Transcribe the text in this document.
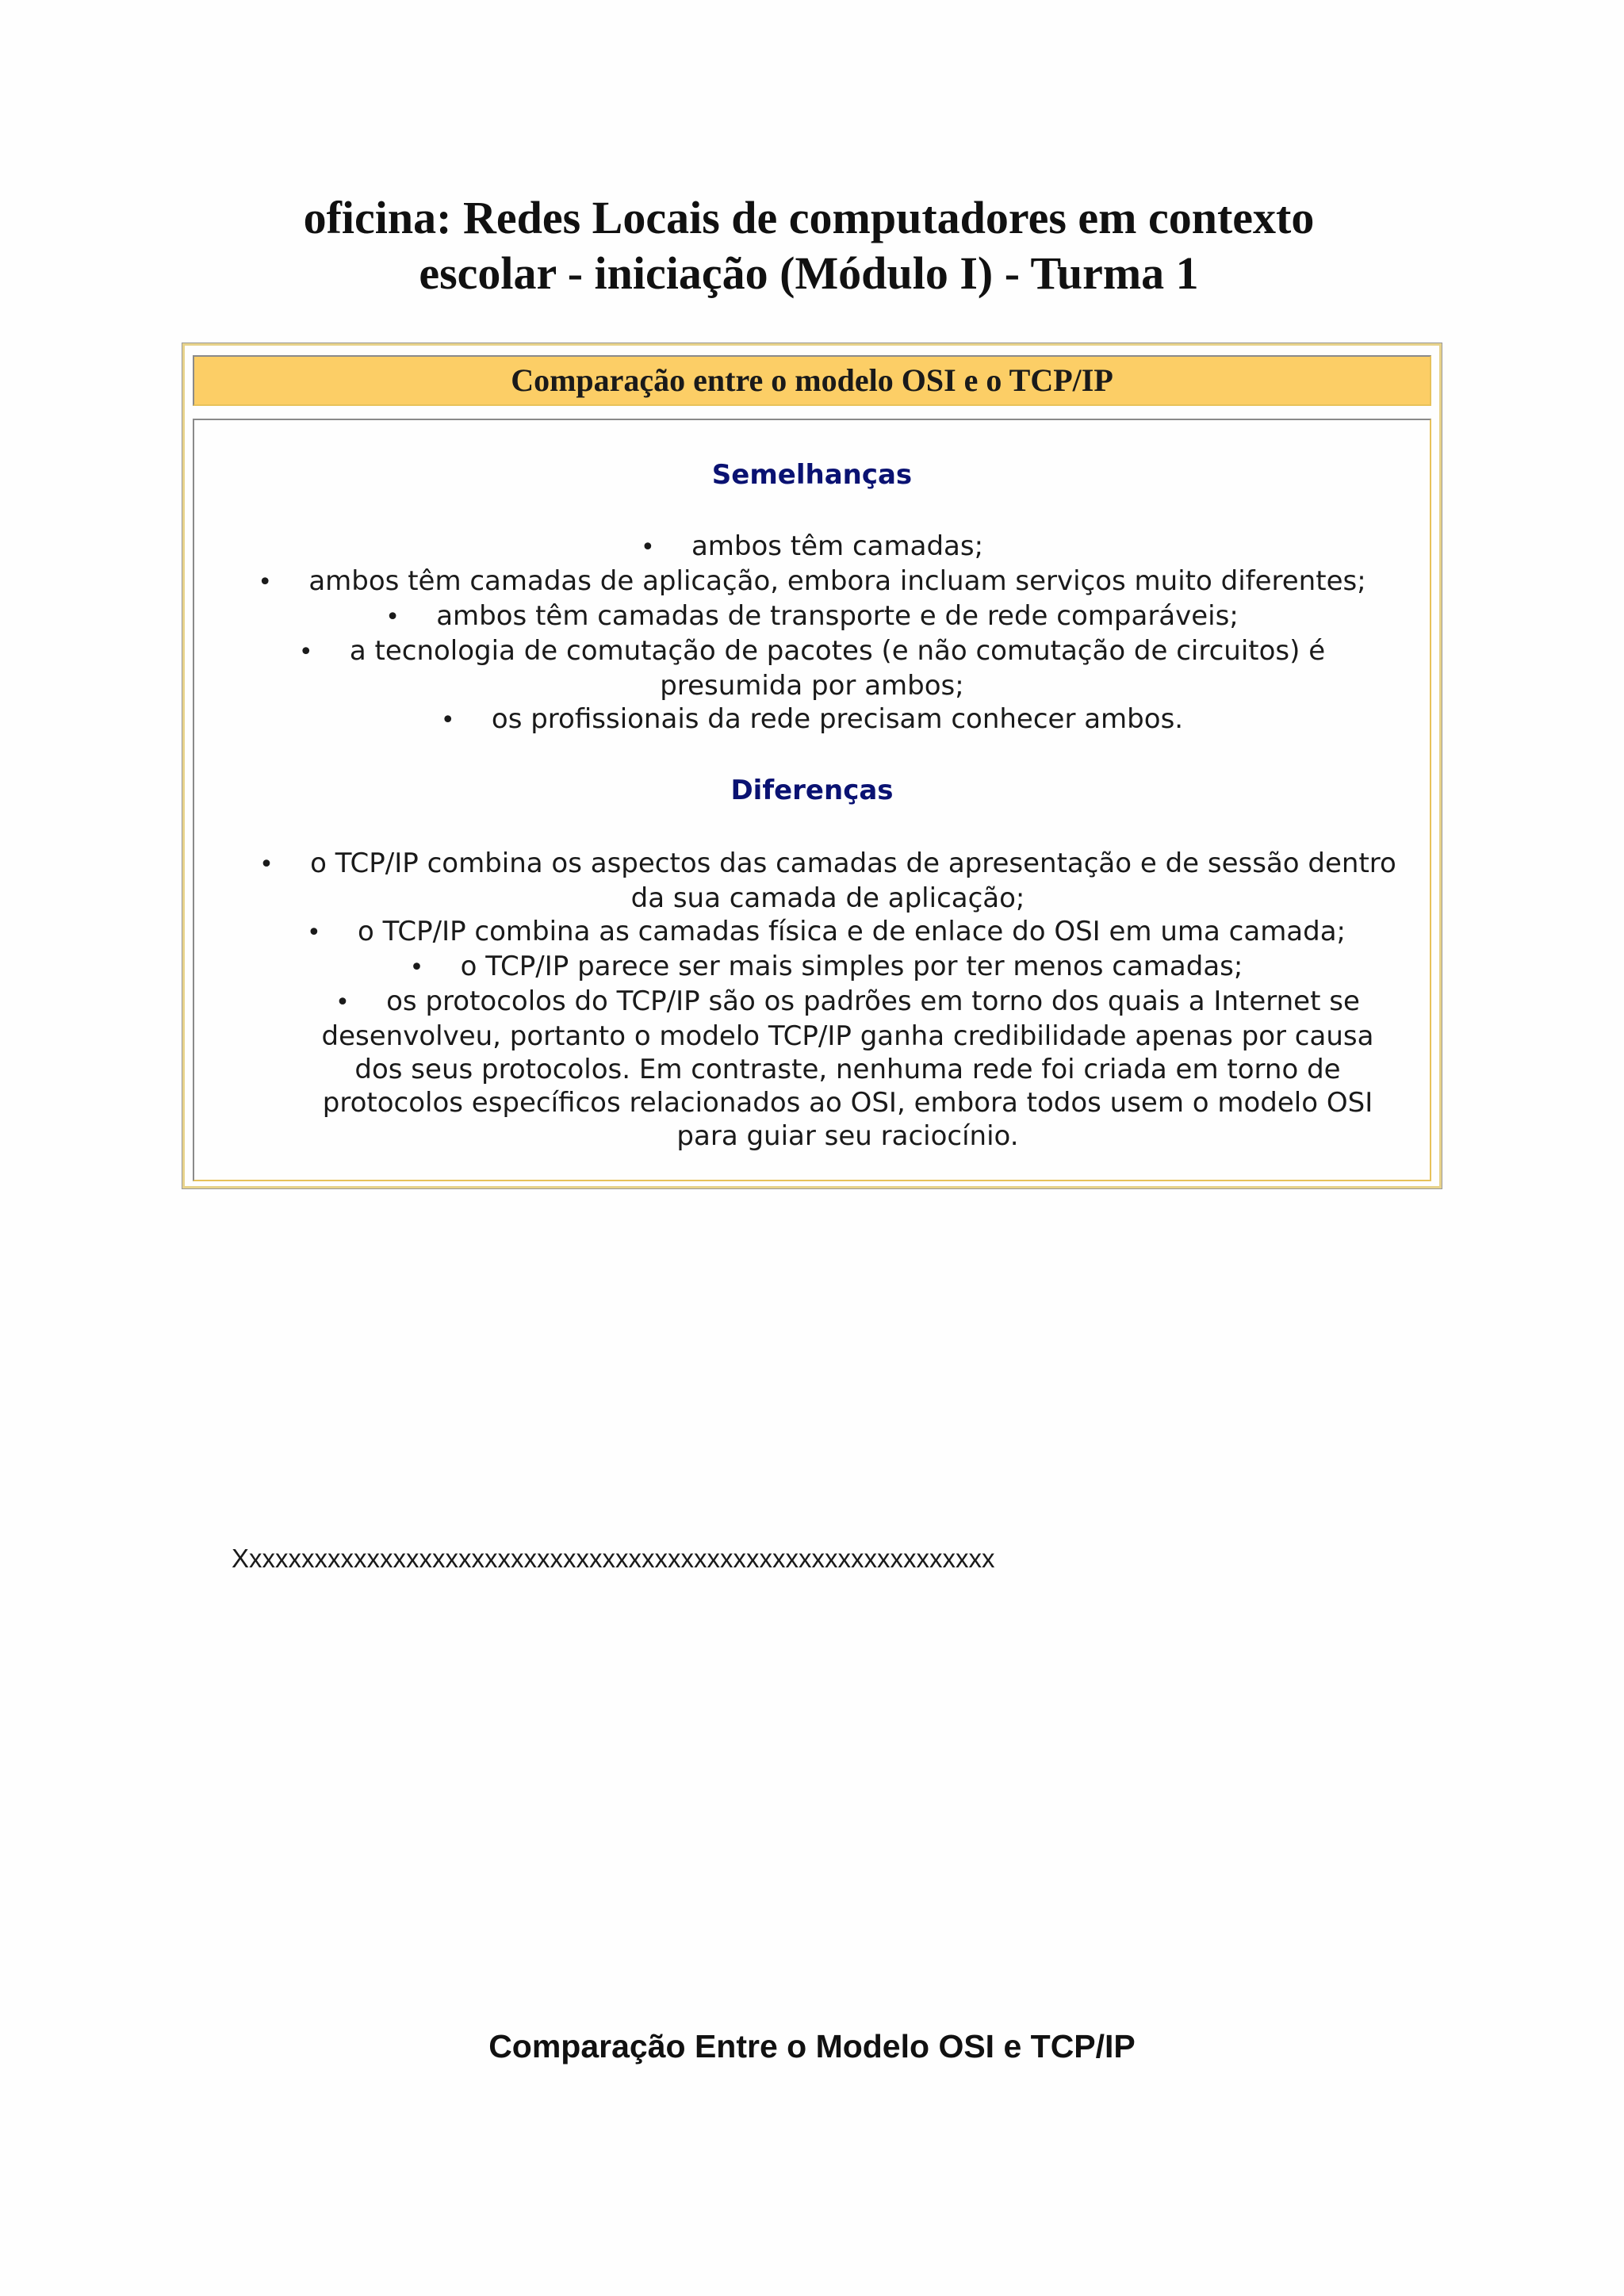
oficina: Redes Locais de computadores em contexto
escolar - iniciação (Módulo I) - Turma 1
Comparação entre o modelo OSI e o TCP/IP
Semelhanças
• ambos têm camadas;
• ambos têm camadas de aplicação, embora incluam serviços muito diferentes;
• ambos têm camadas de transporte e de rede comparáveis;
• a tecnologia de comutação de pacotes (e não comutação de circuitos) é presumida por ambos;
• os profissionais da rede precisam conhecer ambos.
Diferenças
• o TCP/IP combina os aspectos das camadas de apresentação e de sessão dentro da sua camada de aplicação;
• o TCP/IP combina as camadas física e de enlace do OSI em uma camada;
• o TCP/IP parece ser mais simples por ter menos camadas;
• os protocolos do TCP/IP são os padrões em torno dos quais a Internet se desenvolveu, portanto o modelo TCP/IP ganha credibilidade apenas por causa dos seus protocolos. Em contraste, nenhuma rede foi criada em torno de protocolos específicos relacionados ao OSI, embora todos usem o modelo OSI para guiar seu raciocínio.

Xxxxxxxxxxxxxxxxxxxxxxxxxxxxxxxxxxxxxxxxxxxxxxxxxxxxxxxxxx

Comparação Entre o Modelo OSI e TCP/IP
